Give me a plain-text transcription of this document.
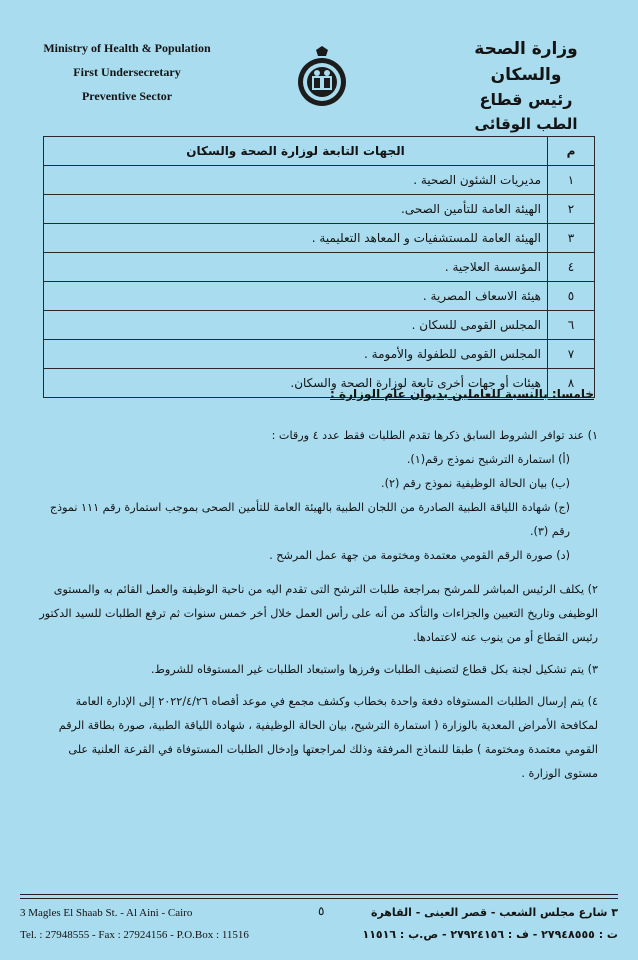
Ministry of Health & Population
First Undersecretary
Preventive Sector
وزارة الصحة والسكان
رئيس قطاع
الطب الوقائى
م	الجهات التابعة لوزارة الصحة والسكان
١	مديريات الشئون الصحية .
٢	الهيئة العامة للتأمين الصحى.
٣	الهيئة العامة للمستشفيات و المعاهد التعليمية .
٤	المؤسسة العلاجية .
٥	هيئة الاسعاف المصرية .
٦	المجلس القومى للسكان .
٧	المجلس القومى للطفولة والأمومة .
٨	هيئات أو جهات أخرى تابعة لوزارة الصحة والسكان.
خامسا: بالنسبة للعاملين بديوان عام الوزارة :

١) عند توافر الشروط السابق ذكرها تقدم الطلبات فقط عدد ٤ ورقات :

(أ) استمارة الترشيح نموذج رقم(١).

(ب) بيان الحالة الوظيفية نموذج رقم (٢).

(ج) شهادة اللياقة الطبية الصادرة من اللجان الطبية بالهيئة العامة للتأمين الصحى بموجب استمارة رقم ١١١ نموذج رقم (٣).

(د) صورة الرقم القومي معتمدة ومختومة من جهة عمل المرشح .

٢) يكلف الرئيس المباشر للمرشح بمراجعة طلبات الترشح التى تقدم اليه من ناحية الوظيفة والعمل القائم به والمستوى الوظيفى وتاريخ التعيين والجزاءات والتأكد من أنه على رأس العمل خلال أخر خمس سنوات ثم ترفع الطلبات للسيد الدكتور رئيس القطاع أو من ينوب عنه لاعتمادها.

٣) يتم تشكيل لجنة بكل قطاع لتصنيف الطلبات وفرزها واستبعاد الطلبات غير المستوفاه للشروط.

٤) يتم إرسال الطلبات المستوفاه دفعة واحدة بخطاب وكشف مجمع في موعد أقصاه ٢٠٢٢/٤/٢٦ إلى الإدارة العامة لمكافحة الأمراض المعدية بالوزارة ( استمارة الترشيح، بيان الحالة الوظيفية ، شهادة اللياقة الطبية، صورة بطاقة الرقم القومي معتمدة ومختومة ) طبقا للنماذج المرفقة وذلك لمراجعتها وإدخال الطلبات المستوفاة في القرعة العلنية على مستوى الوزارة .

3 Magles El Shaab St. - Al Aini - Cairo
Tel. : 27948555 - Fax : 27924156 - P.O.Box : 11516
٥	٣ شارع مجلس الشعب - قصر العينى - القاهرة
ت : ٢٧٩٤٨٥٥٥ - ف : ٢٧٩٢٤١٥٦ - ص.ب : ١١٥١٦
